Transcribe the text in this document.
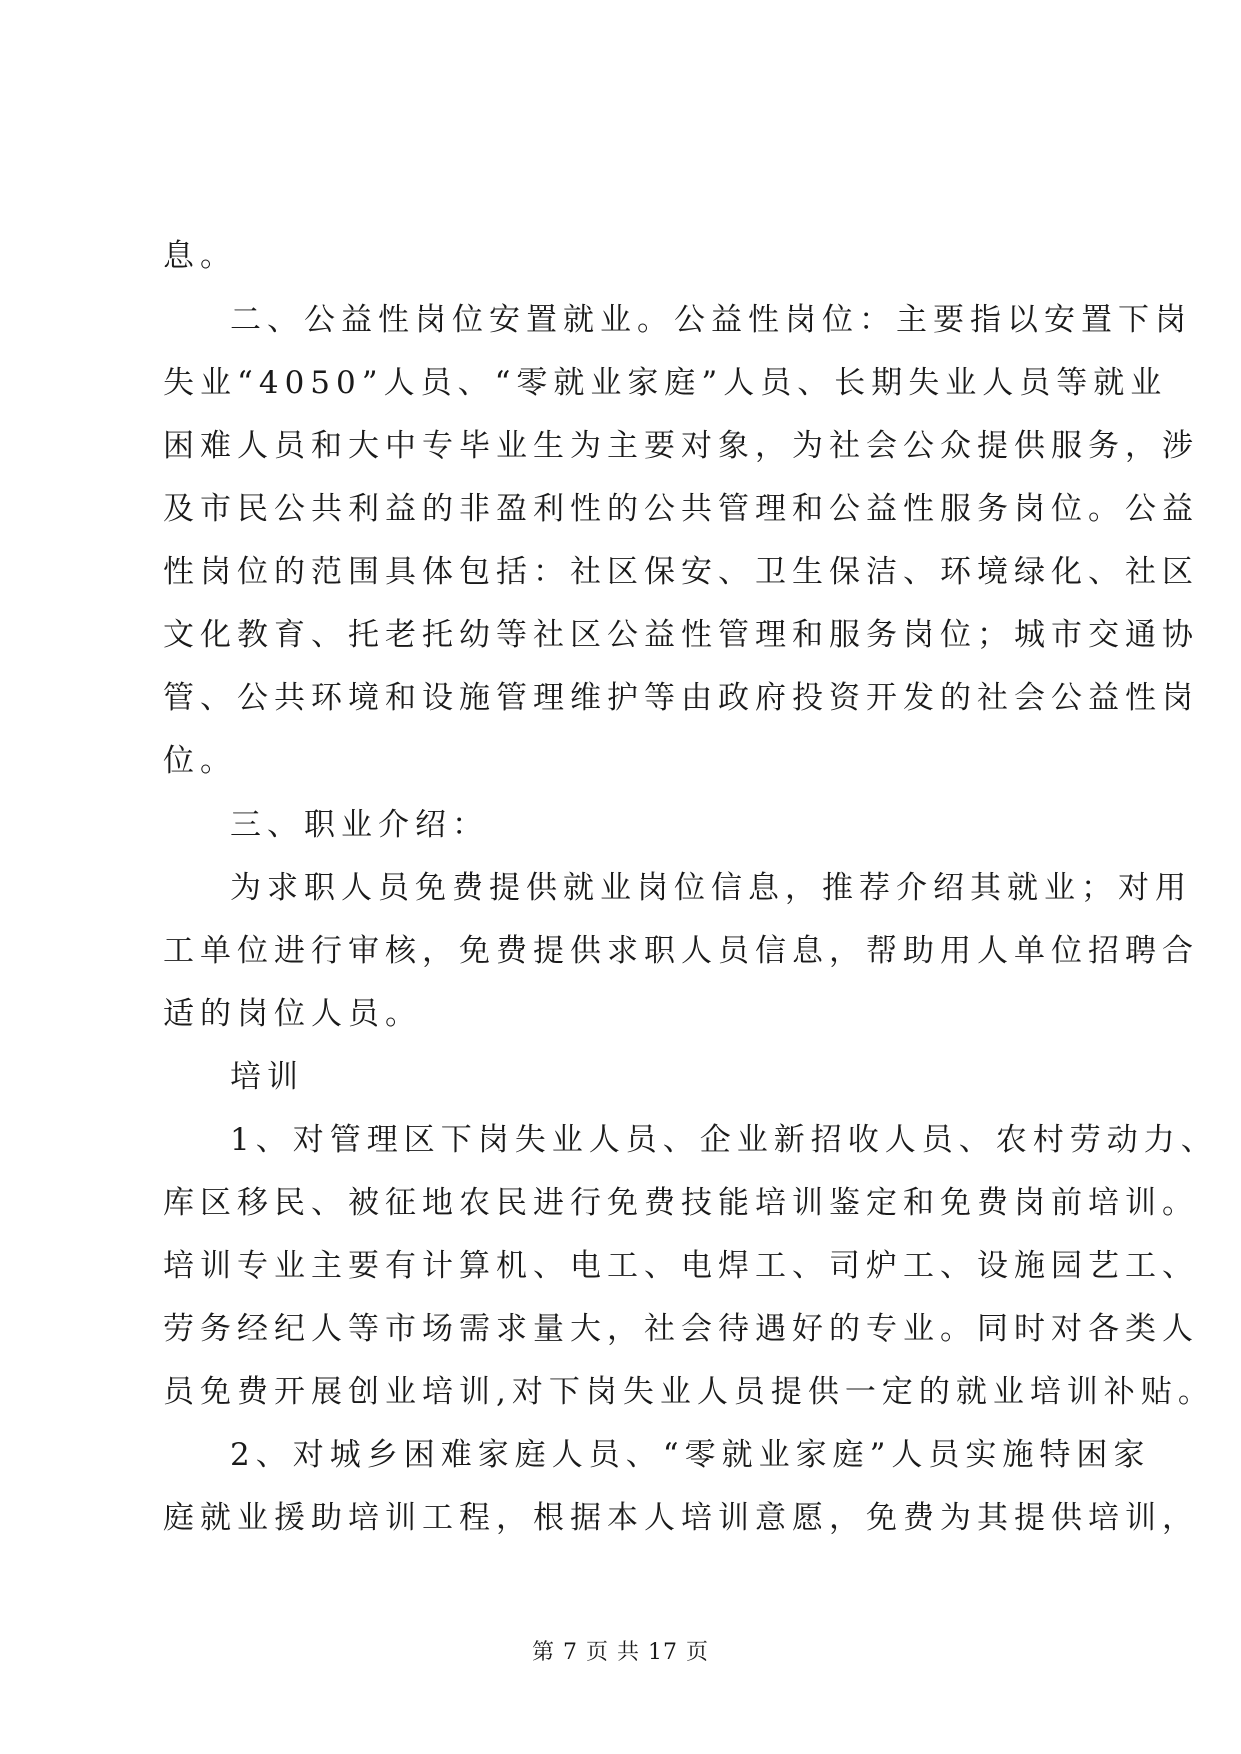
息。
二、公益性岗位安置就业。公益性岗位：主要指以安置下岗
失业“4050”人员、“零就业家庭”人员、长期失业人员等就业
困难人员和大中专毕业生为主要对象，为社会公众提供服务，涉
及市民公共利益的非盈利性的公共管理和公益性服务岗位。公益
性岗位的范围具体包括：社区保安、卫生保洁、环境绿化、社区
文化教育、托老托幼等社区公益性管理和服务岗位；城市交通协
管、公共环境和设施管理维护等由政府投资开发的社会公益性岗
位。
三、职业介绍：
为求职人员免费提供就业岗位信息，推荐介绍其就业；对用
工单位进行审核，免费提供求职人员信息，帮助用人单位招聘合
适的岗位人员。
培训
1、对管理区下岗失业人员、企业新招收人员、农村劳动力、
库区移民、被征地农民进行免费技能培训鉴定和免费岗前培训。
培训专业主要有计算机、电工、电焊工、司炉工、设施园艺工、
劳务经纪人等市场需求量大，社会待遇好的专业。同时对各类人
员免费开展创业培训,对下岗失业人员提供一定的就业培训补贴。
2、对城乡困难家庭人员、“零就业家庭”人员实施特困家
庭就业援助培训工程，根据本人培训意愿，免费为其提供培训，
第 7 页 共 17 页
